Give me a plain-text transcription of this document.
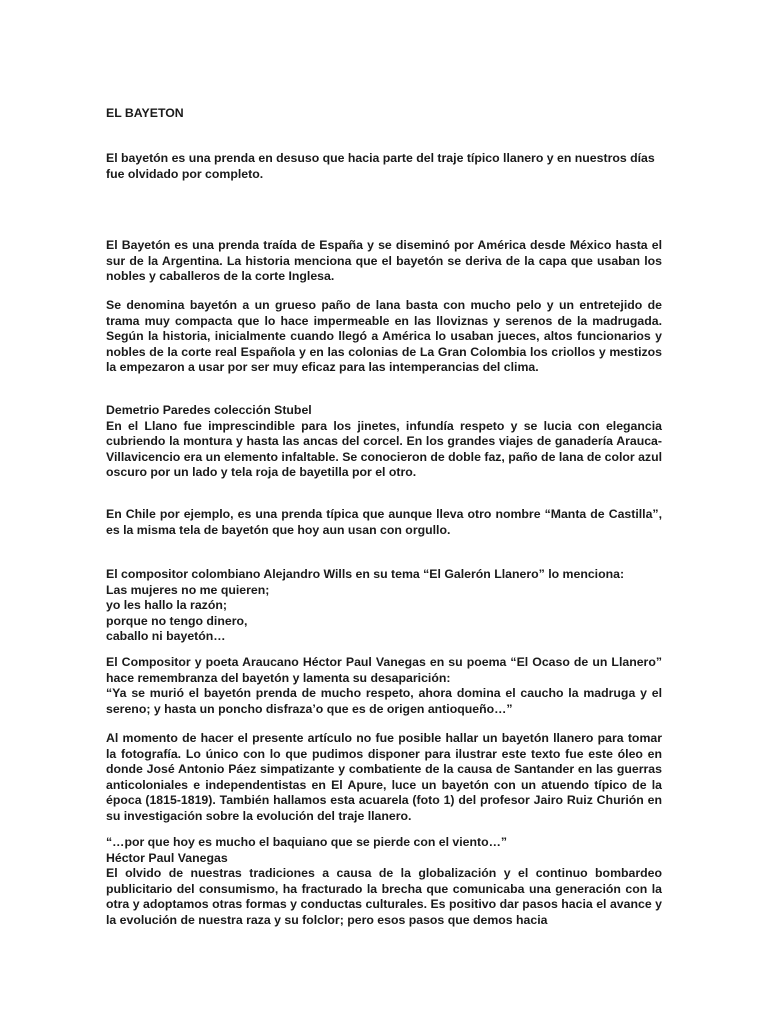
EL BAYETON

El bayetón es una prenda en desuso que hacia parte del traje típico llanero y en nuestros días fue olvidado por completo.

El Bayetón es una prenda traída de España y se diseminó por América desde México hasta el sur de la Argentina. La historia menciona que el bayetón se deriva de la capa que usaban los nobles y caballeros de la corte Inglesa.

Se denomina bayetón a un grueso paño de lana basta con mucho pelo y un entretejido de trama muy compacta que lo hace impermeable en las lloviznas y serenos de la madrugada. Según la historia, inicialmente cuando llegó a América lo usaban jueces, altos funcionarios y nobles de la corte real Española y en las colonias de La Gran Colombia los criollos y mestizos la empezaron a usar por ser muy eficaz para las intemperancias del clima.

Demetrio Paredes colección Stubel
En el Llano fue imprescindible para los jinetes, infundía respeto y se lucia con elegancia cubriendo la montura y hasta las ancas del corcel. En los grandes viajes de ganadería Arauca-Villavicencio era un elemento infaltable. Se conocieron de doble faz, paño de lana de color azul oscuro por un lado y tela roja de bayetilla por el otro.

En Chile por ejemplo, es una prenda típica que aunque lleva otro nombre “Manta de Castilla”, es la misma tela de bayetón que hoy aun usan con orgullo.

El compositor colombiano Alejandro Wills en su tema “El Galerón Llanero” lo menciona:
Las mujeres no me quieren;
yo les hallo la razón;
porque no tengo dinero,
caballo ni bayetón…
El Compositor y poeta Araucano Héctor Paul Vanegas en su poema “El Ocaso de un Llanero” hace remembranza del bayetón y lamenta su desaparición:
“Ya se murió el bayetón prenda de mucho respeto, ahora domina el caucho la madruga y el sereno; y hasta un poncho disfraza’o que es de origen antioqueño…”

Al momento de hacer el presente artículo no fue posible hallar un bayetón llanero para tomar la fotografía. Lo único con lo que pudimos disponer para ilustrar este texto fue este óleo en donde José Antonio Páez simpatizante y combatiente de la causa de Santander en las guerras anticoloniales e independentistas en El Apure, luce un bayetón con un atuendo típico de la época (1815-1819). También hallamos esta acuarela (foto 1) del profesor Jairo Ruiz Churión en su investigación sobre la evolución del traje llanero.

“…por que hoy es mucho el baquiano que se pierde con el viento…”
Héctor Paul Vanegas
El olvido de nuestras tradiciones a causa de la globalización y el continuo bombardeo publicitario del consumismo, ha fracturado la brecha que comunicaba una generación con la otra y adoptamos otras formas y conductas culturales. Es positivo dar pasos hacia el avance y la evolución de nuestra raza y su folclor; pero esos pasos que demos hacia
